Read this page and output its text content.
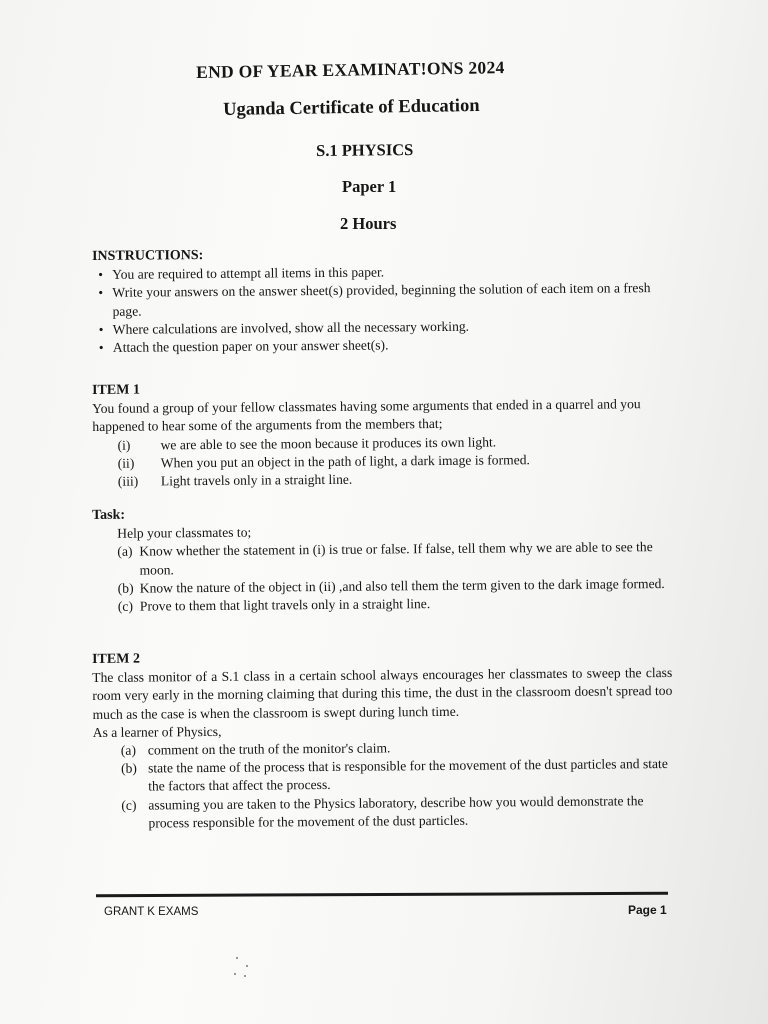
END OF YEAR EXAMINAT!ONS 2024
Uganda Certificate of Education
S.1 PHYSICS
Paper 1
2 Hours
INSTRUCTIONS:
• You are required to attempt all items in this paper.
• Write your answers on the answer sheet(s) provided, beginning the solution of each item on a fresh page.
• Where calculations are involved, show all the necessary working.
• Attach the question paper on your answer sheet(s).
ITEM 1

You found a group of your fellow classmates having some arguments that ended in a quarrel and you happened to hear some of the arguments from the members that;

(i)	we are able to see the moon because it produces its own light.
(ii)	When you put an object in the path of light, a dark image is formed.
(iii)	Light travels only in a straight line.
Task:
Help your classmates to;
(a) Know whether the statement in (i) is true or false. If false, tell them why we are able to see the moon.
(b) Know the nature of the object in (ii) ,and also tell them the term given to the dark image formed.
(c) Prove to them that light travels only in a straight line.
ITEM 2

The class monitor of a S.1 class in a certain school always encourages her classmates to sweep the class room very early in the morning claiming that during this time, the dust in the classroom doesn't spread too much as the case is when the classroom is swept during lunch time.

As a learner of Physics,

(a) comment on the truth of the monitor's claim.
(b) state the name of the process that is responsible for the movement of the dust particles and state the factors that affect the process.
(c) assuming you are taken to the Physics laboratory, describe how you would demonstrate the process responsible for the movement of the dust particles.
GRANT K EXAMS	Page 1
